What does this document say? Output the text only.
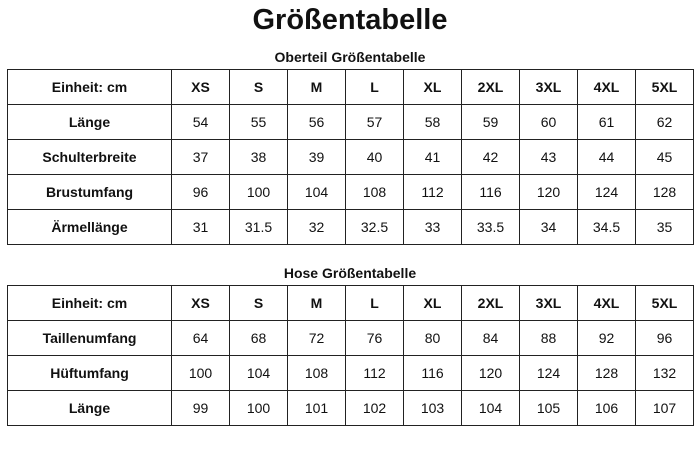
Größentabelle
Oberteil Größentabelle
Einheit: cm	XS	S	M	L	XL	2XL	3XL	4XL	5XL
Länge	54	55	56	57	58	59	60	61	62
Schulterbreite	37	38	39	40	41	42	43	44	45
Brustumfang	96	100	104	108	112	116	120	124	128
Ärmellänge	31	31.5	32	32.5	33	33.5	34	34.5	35
Hose Größentabelle
Einheit: cm	XS	S	M	L	XL	2XL	3XL	4XL	5XL
Taillenumfang	64	68	72	76	80	84	88	92	96
Hüftumfang	100	104	108	112	116	120	124	128	132
Länge	99	100	101	102	103	104	105	106	107
